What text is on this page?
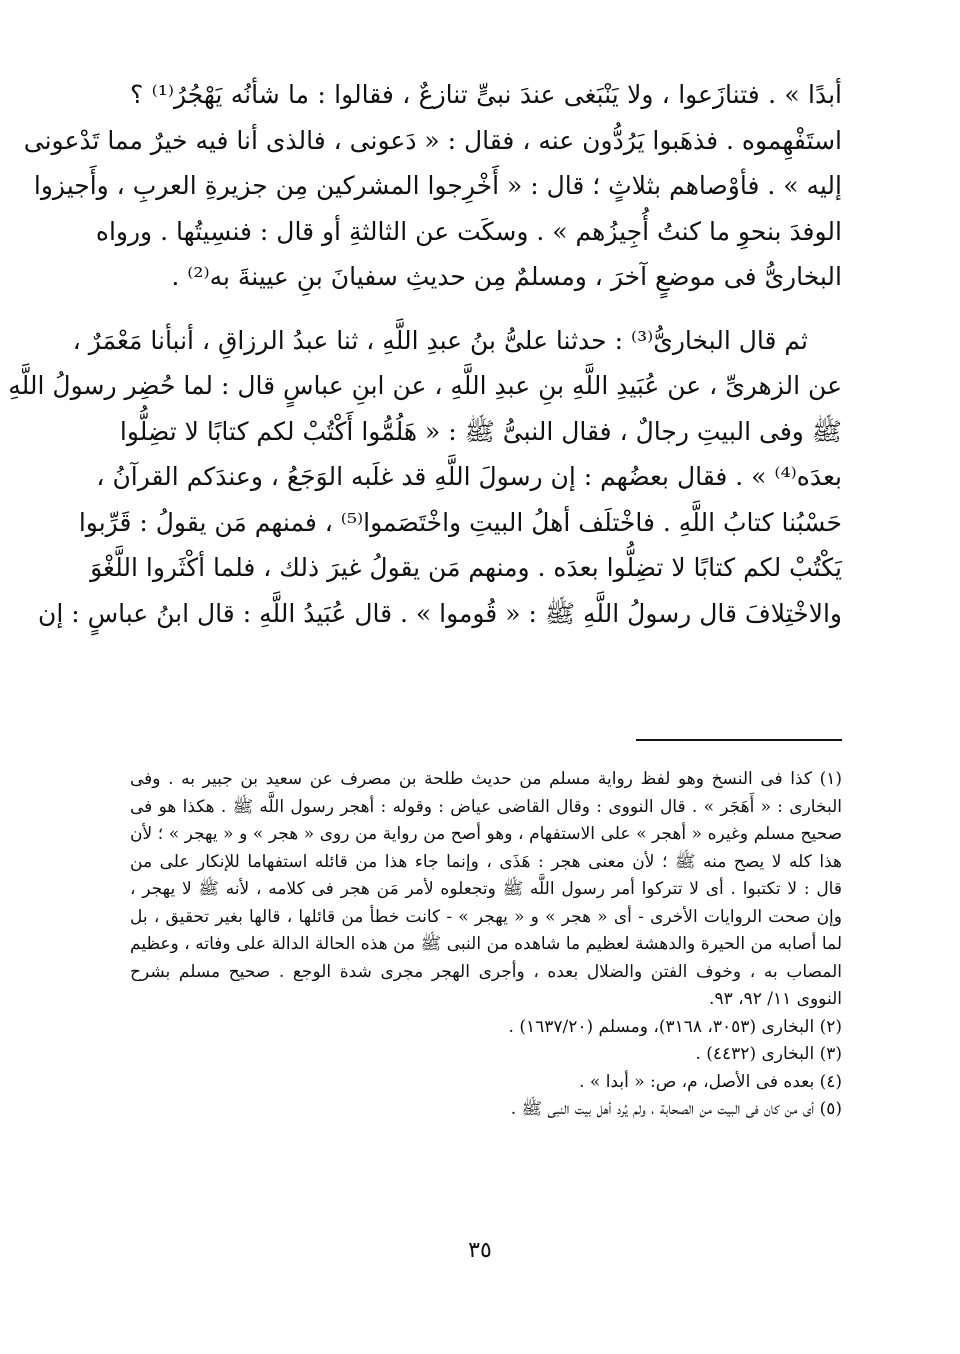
أبدًا » . فتنازَعوا ، ولا يَنْبَغى عندَ نبىٍّ تنازعٌ ، فقالوا : ما شأنُه يَهْجُرُ⁽¹⁾ ؟
استَفْهِموه . فذهَبوا يَرُدُّون عنه ، فقال : « دَعونى ، فالذى أنا فيه خيرٌ مما تَدْعونى
إليه » . فأوْصاهم بثلاثٍ ؛ قال : « أَخْرِجوا المشركين مِن جزيرةِ العربِ ، وأَجيزوا
الوفدَ بنحوِ ما كنتُ أُجِيزُهم » . وسكَت عن الثالثةِ أو قال : فنسِيتُها . ورواه
البخارىُّ فى موضعٍ آخرَ ، ومسلمٌ مِن حديثِ سفيانَ بنِ عيينةَ به⁽²⁾ .
ثم قال البخارىُّ⁽³⁾ : حدثنا علىُّ بنُ عبدِ اللَّهِ ، ثنا عبدُ الرزاقِ ، أنبأنا مَعْمَرٌ ،
عن الزهرىِّ ، عن عُبَيدِ اللَّهِ بنِ عبدِ اللَّهِ ، عن ابنِ عباسٍ قال : لما حُضِر رسولُ اللَّهِ
ﷺ وفى البيتِ رجالٌ ، فقال النبىُّ ﷺ : « هَلُمُّوا أَكْتُبْ لكم كتابًا لا تضِلُّوا
بعدَه⁽⁴⁾ » . فقال بعضُهم : إن رسولَ اللَّهِ قد غلَبه الوَجَعُ ، وعندَكم القرآنُ ،
حَسْبُنا كتابُ اللَّهِ . فاخْتلَف أهلُ البيتِ واخْتَصَموا⁽⁵⁾ ، فمنهم مَن يقولُ : قَرِّبوا
يَكْتُبْ لكم كتابًا لا تضِلُّوا بعدَه . ومنهم مَن يقولُ غيرَ ذلك ، فلما أكْثَروا اللَّغْوَ
والاخْتِلافَ قال رسولُ اللَّهِ ﷺ : « قُوموا » . قال عُبَيدُ اللَّهِ : قال ابنُ عباسٍ : إن
(١) كذا فى النسخ وهو لفظ رواية مسلم من حديث طلحة بن مصرف عن سعيد بن جبير به . وفى
البخارى : « أَهَجَر » . قال النووى : وقال القاضى عياض : وقوله : أهجر رسول اللَّه ﷺ . هكذا هو فى
صحيح مسلم وغيره « أهجر » على الاستفهام ، وهو أصح من رواية من روى « هجر » و « يهجر » ؛ لأن
هذا كله لا يصح منه ﷺ ؛ لأن معنى هجر : هَذَى ، وإنما جاء هذا من قائله استفهاما للإنكار على من
قال : لا تكتبوا . أى لا تتركوا أمر رسول اللَّه ﷺ وتجعلوه لأمر مَن هجر فى كلامه ، لأنه ﷺ لا يهجر ،
وإن صحت الروايات الأخرى - أى « هجر » و « يهجر » - كانت خطأ من قائلها ، قالها بغير تحقيق ، بل
لما أصابه من الحيرة والدهشة لعظيم ما شاهده من النبى ﷺ من هذه الحالة الدالة على وفاته ، وعظيم
المصاب به ، وخوف الفتن والضلال بعده ، وأجرى الهجر مجرى شدة الوجع . صحيح مسلم بشرح
النووى ١١/ ٩٢، ٩٣.
(٢) البخارى (٣٠٥٣، ٣١٦٨)، ومسلم (١٦٣٧/٢٠) .
(٣) البخارى (٤٤٣٢) .
(٤) بعده فى الأصل، م، ص: « أبدا » .
(٥) أى من كان فى البيت من الصحابة ، ولم يُرد أهل بيت النبى ﷺ .
٣٥
